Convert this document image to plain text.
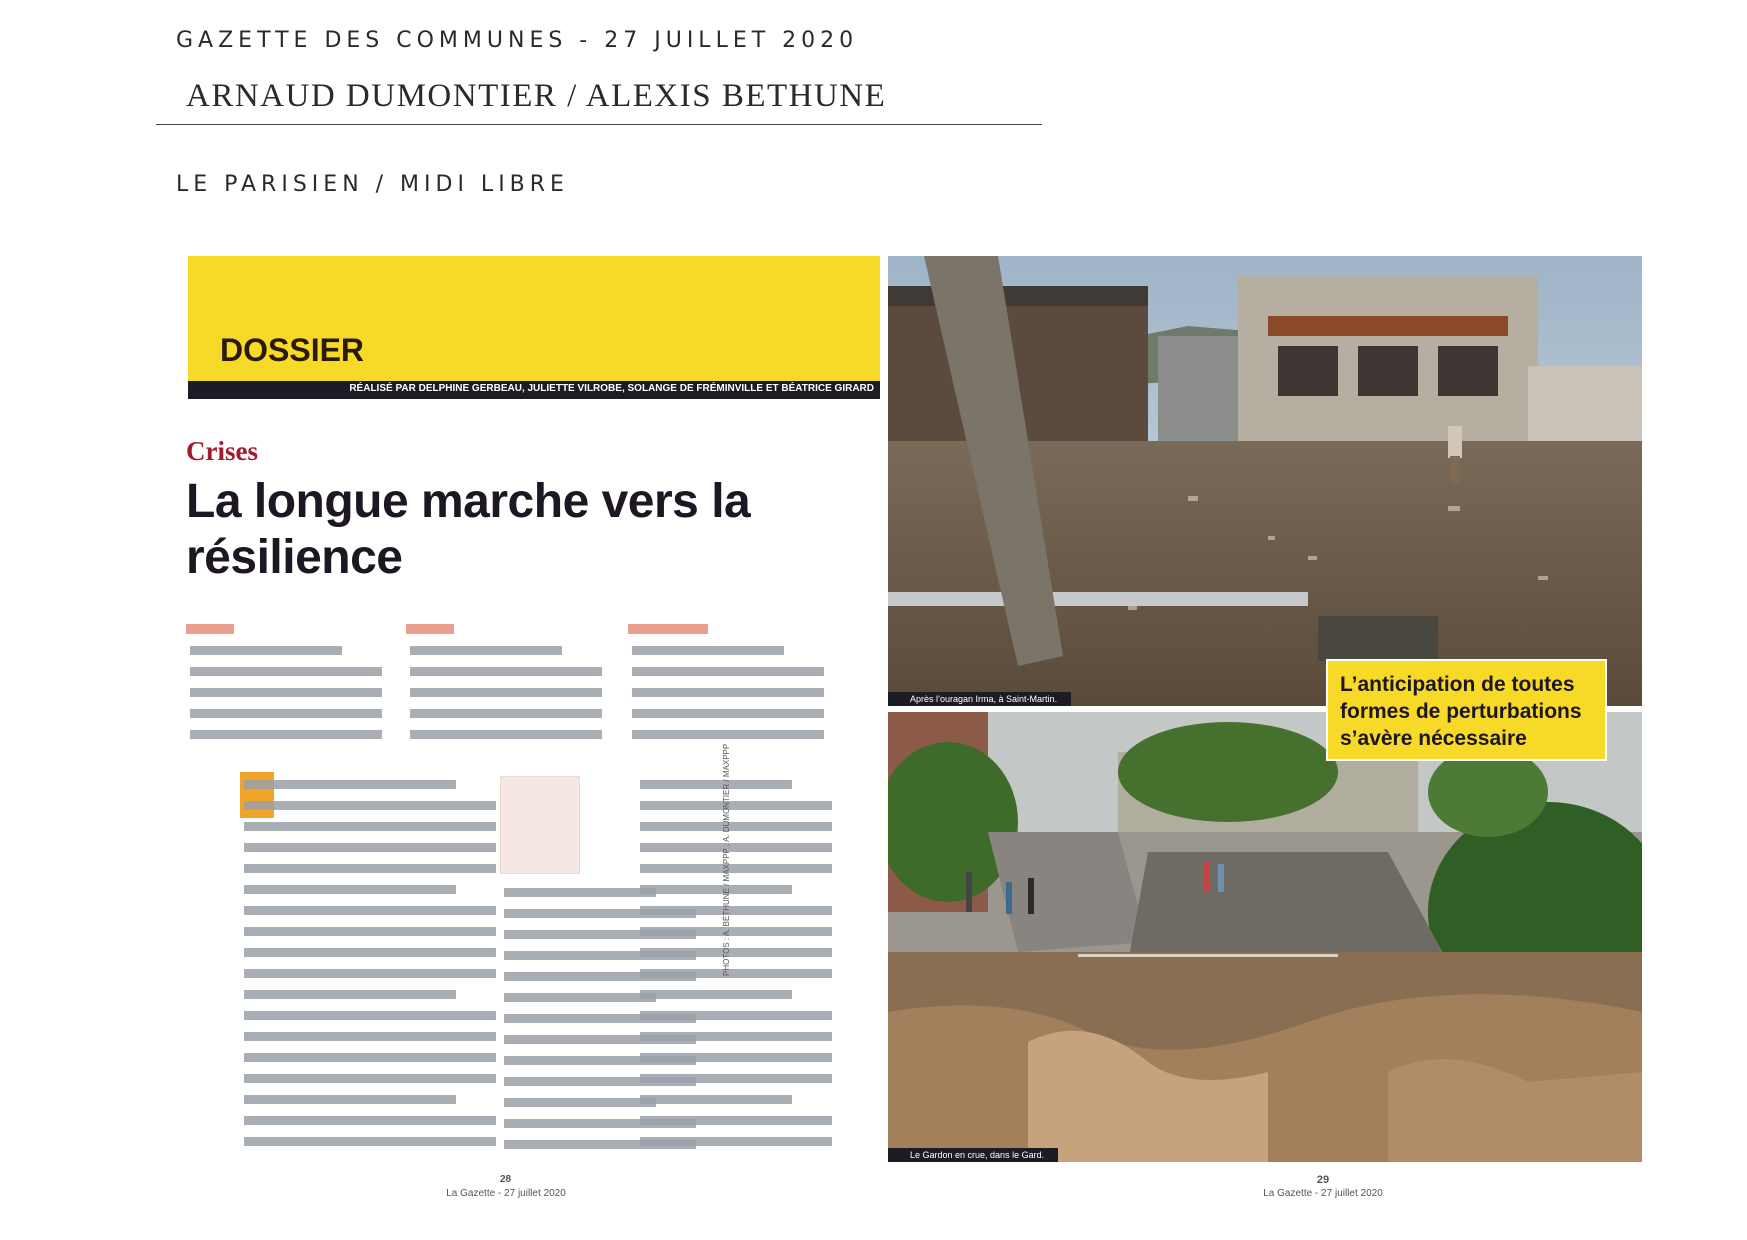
GAZETTE DES COMMUNES - 27 JUILLET 2020
ARNAUD DUMONTIER / ALEXIS BETHUNE
LE PARISIEN / MIDI LIBRE
DOSSIER
RÉALISÉ PAR DELPHINE GERBEAU, JULIETTE VILROBE, SOLANGE DE FRÉMINVILLE ET BÉATRICE GIRARD
Crises
La longue marche vers la résilience
PHOTOS : A. BÉTHUNE / MAXPPP ; A. DUMONTIER / MAXPPP
28
La Gazette - 27 juillet 2020
Après l’ouragan Irma, à Saint-Martin.
Le Gardon en crue, dans le Gard.
L’anticipation de toutes formes de perturbations s’avère nécessaire
29
La Gazette - 27 juillet 2020
